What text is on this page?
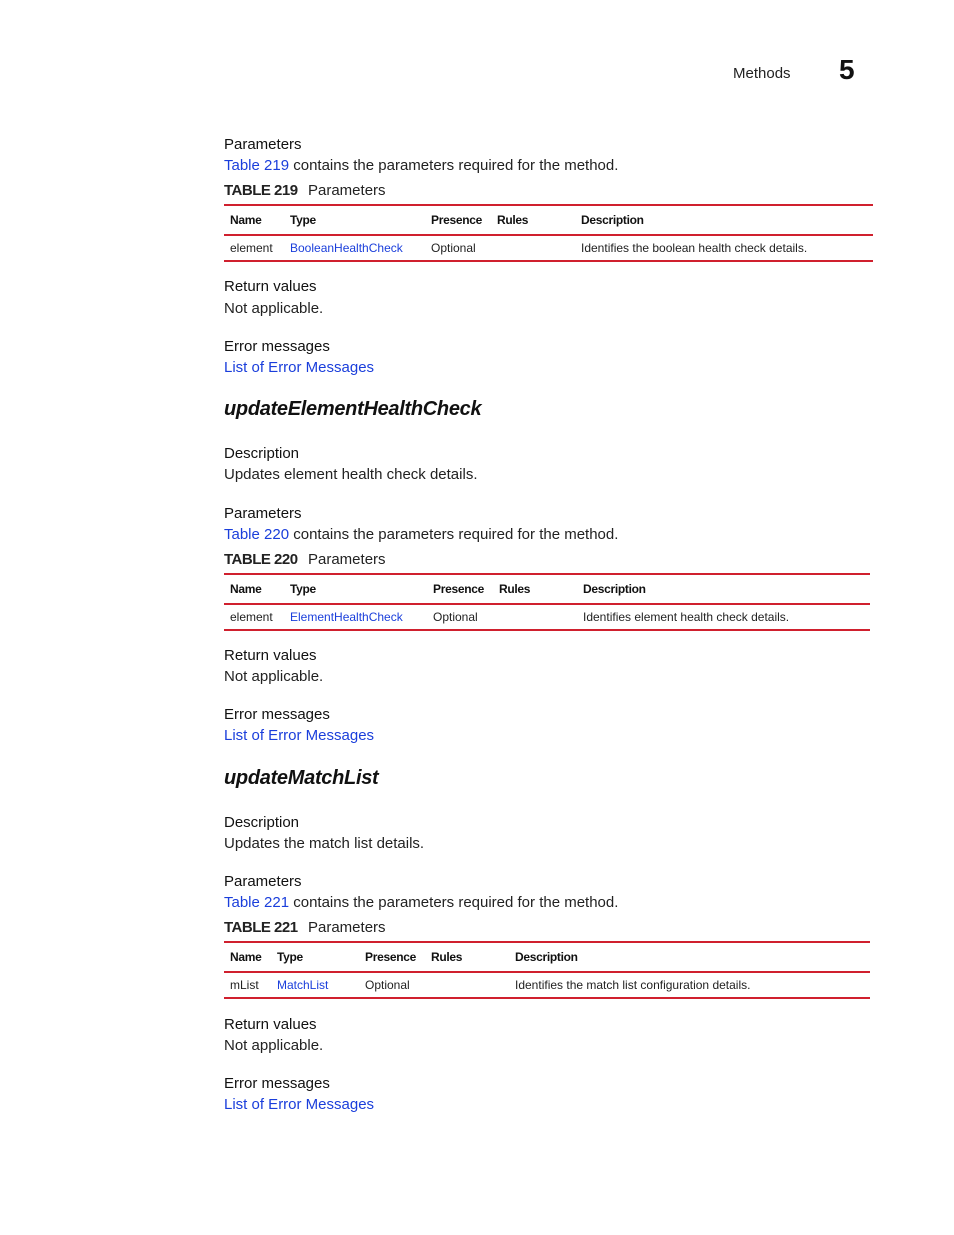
Methods 5
Parameters
Table 219 contains the parameters required for the method.
TABLE 219 Parameters
Name	Type	Presence	Rules	Description
element	BooleanHealthCheck	Optional		Identifies the boolean health check details.
Return values
Not applicable.
Error messages
List of Error Messages
updateElementHealthCheck
Description
Updates element health check details.
Parameters
Table 220 contains the parameters required for the method.
TABLE 220 Parameters
Name	Type	Presence	Rules	Description
element	ElementHealthCheck	Optional		Identifies element health check details.
Return values
Not applicable.
Error messages
List of Error Messages
updateMatchList
Description
Updates the match list details.
Parameters
Table 221 contains the parameters required for the method.
TABLE 221 Parameters
Name	Type	Presence	Rules	Description
mList	MatchList	Optional		Identifies the match list configuration details.
Return values
Not applicable.
Error messages
List of Error Messages
